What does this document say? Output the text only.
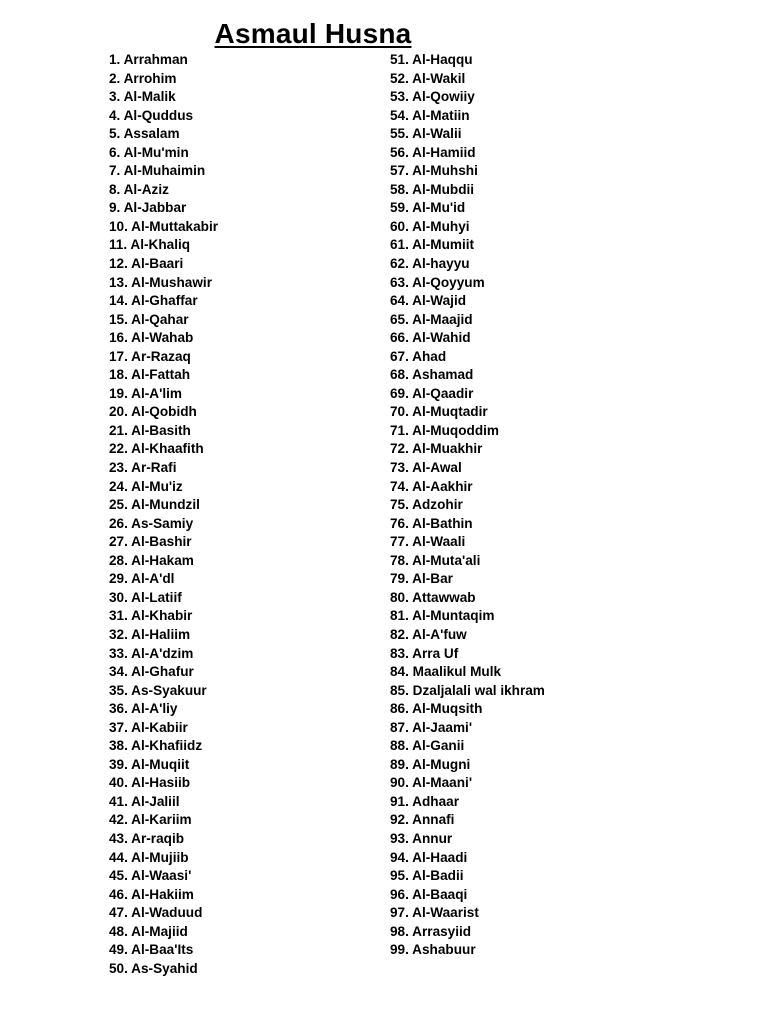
Asmaul Husna
1. Arrahman
2. Arrohim
3. Al-Malik
4. Al-Quddus
5. Assalam
6. Al-Mu'min
7. Al-Muhaimin
8. Al-Aziz
9. Al-Jabbar
10. Al-Muttakabir
11. Al-Khaliq
12. Al-Baari
13. Al-Mushawir
14. Al-Ghaffar
15. Al-Qahar
16. Al-Wahab
17. Ar-Razaq
18. Al-Fattah
19. Al-A'lim
20. Al-Qobidh
21. Al-Basith
22. Al-Khaafith
23. Ar-Rafi
24. Al-Mu'iz
25. Al-Mundzil
26. As-Samiy
27. Al-Bashir
28. Al-Hakam
29. Al-A'dl
30. Al-Latiif
31. Al-Khabir
32. Al-Haliim
33. Al-A'dzim
34. Al-Ghafur
35. As-Syakuur
36. Al-A'liy
37. Al-Kabiir
38. Al-Khafiidz
39. Al-Muqiit
40. Al-Hasiib
41. Al-Jaliil
42. Al-Kariim
43. Ar-raqib
44. Al-Mujiib
45. Al-Waasi'
46. Al-Hakiim
47. Al-Waduud
48. Al-Majiid
49. Al-Baa'Its
50. As-Syahid
51. Al-Haqqu
52. Al-Wakil
53. Al-Qowiiy
54. Al-Matiin
55. Al-Walii
56. Al-Hamiid
57. Al-Muhshi
58. Al-Mubdii
59. Al-Mu'id
60. Al-Muhyi
61. Al-Mumiit
62. Al-hayyu
63. Al-Qoyyum
64. Al-Wajid
65. Al-Maajid
66. Al-Wahid
67. Ahad
68. Ashamad
69. Al-Qaadir
70. Al-Muqtadir
71. Al-Muqoddim
72. Al-Muakhir
73. Al-Awal
74. Al-Aakhir
75. Adzohir
76. Al-Bathin
77. Al-Waali
78. Al-Muta'ali
79. Al-Bar
80. Attawwab
81. Al-Muntaqim
82. Al-A'fuw
83. Arra Uf
84. Maalikul Mulk
85. Dzaljalali wal ikhram
86. Al-Muqsith
87. Al-Jaami'
88. Al-Ganii
89. Al-Mugni
90. Al-Maani'
91. Adhaar
92. Annafi
93. Annur
94. Al-Haadi
95. Al-Badii
96. Al-Baaqi
97. Al-Waarist
98. Arrasyiid
99. Ashabuur
